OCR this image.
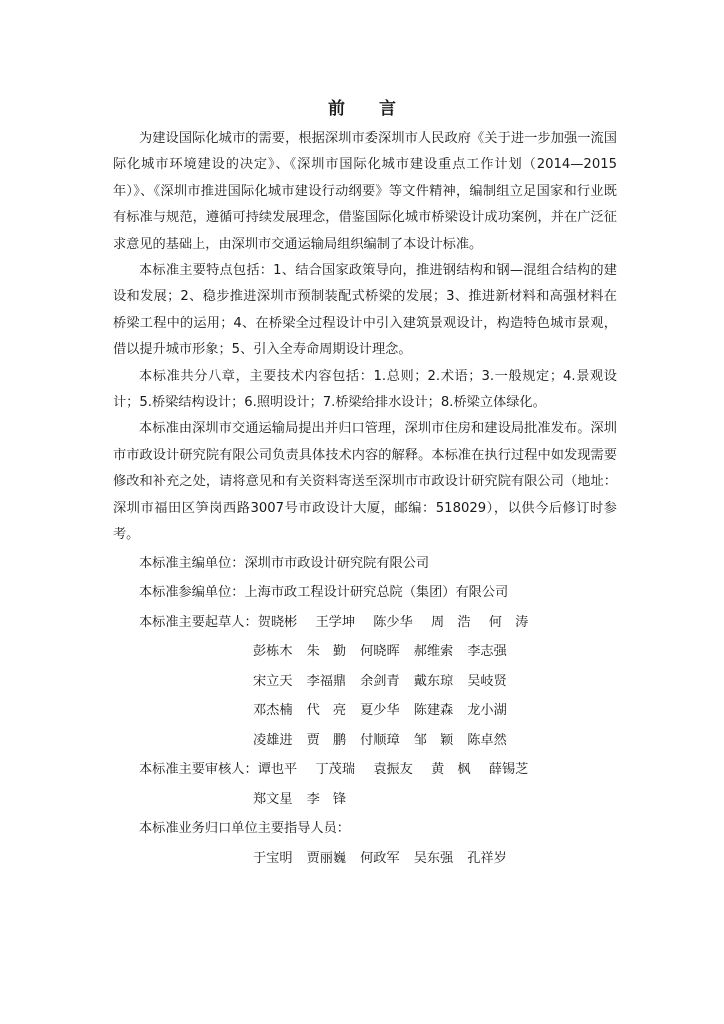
前 言

为建设国际化城市的需要，根据深圳市委深圳市人民政府《关于进一步加强一流国际化城市环境建设的决定》、《深圳市国际化城市建设重点工作计划（2014—2015年）》、《深圳市推进国际化城市建设行动纲要》等文件精神，编制组立足国家和行业既有标准与规范，遵循可持续发展理念，借鉴国际化城市桥梁设计成功案例，并在广泛征求意见的基础上，由深圳市交通运输局组织编制了本设计标准。

本标准主要特点包括：1、结合国家政策导向，推进钢结构和钢—混组合结构的建设和发展；2、稳步推进深圳市预制装配式桥梁的发展；3、推进新材料和高强材料在桥梁工程中的运用；4、在桥梁全过程设计中引入建筑景观设计，构造特色城市景观，借以提升城市形象；5、引入全寿命周期设计理念。

本标准共分八章，主要技术内容包括：1.总则；2.术语；3.一般规定；4.景观设计；5.桥梁结构设计；6.照明设计；7.桥梁给排水设计；8.桥梁立体绿化。

本标准由深圳市交通运输局提出并归口管理，深圳市住房和建设局批准发布。深圳市市政设计研究院有限公司负责具体技术内容的解释。本标准在执行过程中如发现需要修改和补充之处，请将意见和有关资料寄送至深圳市市政设计研究院有限公司（地址：深圳市福田区笋岗西路3007号市政设计大厦，邮编：518029），以供今后修订时参考。

本标准主编单位：深圳市市政设计研究院有限公司

本标准参编单位：上海市政工程设计研究总院（集团）有限公司

本标准主要起草人：贺晓彬 王学坤 陈少华 周　浩 何　涛

彭栋木 朱　勤 何晓晖 郝维索 李志强

宋立天 李福鼎 余剑青 戴东琼 吴岐贤

邓杰楠 代　亮 夏少华 陈建森 龙小湖

凌雄进 贾　鹏 付顺璋 邹　颖 陈卓然

本标准主要审核人：谭也平 丁茂瑞 袁振友 黄　枫 薛锡芝

郑文星 李　锋

本标准业务归口单位主要指导人员：

于宝明 贾丽巍 何政军 吴东强 孔祥岁
